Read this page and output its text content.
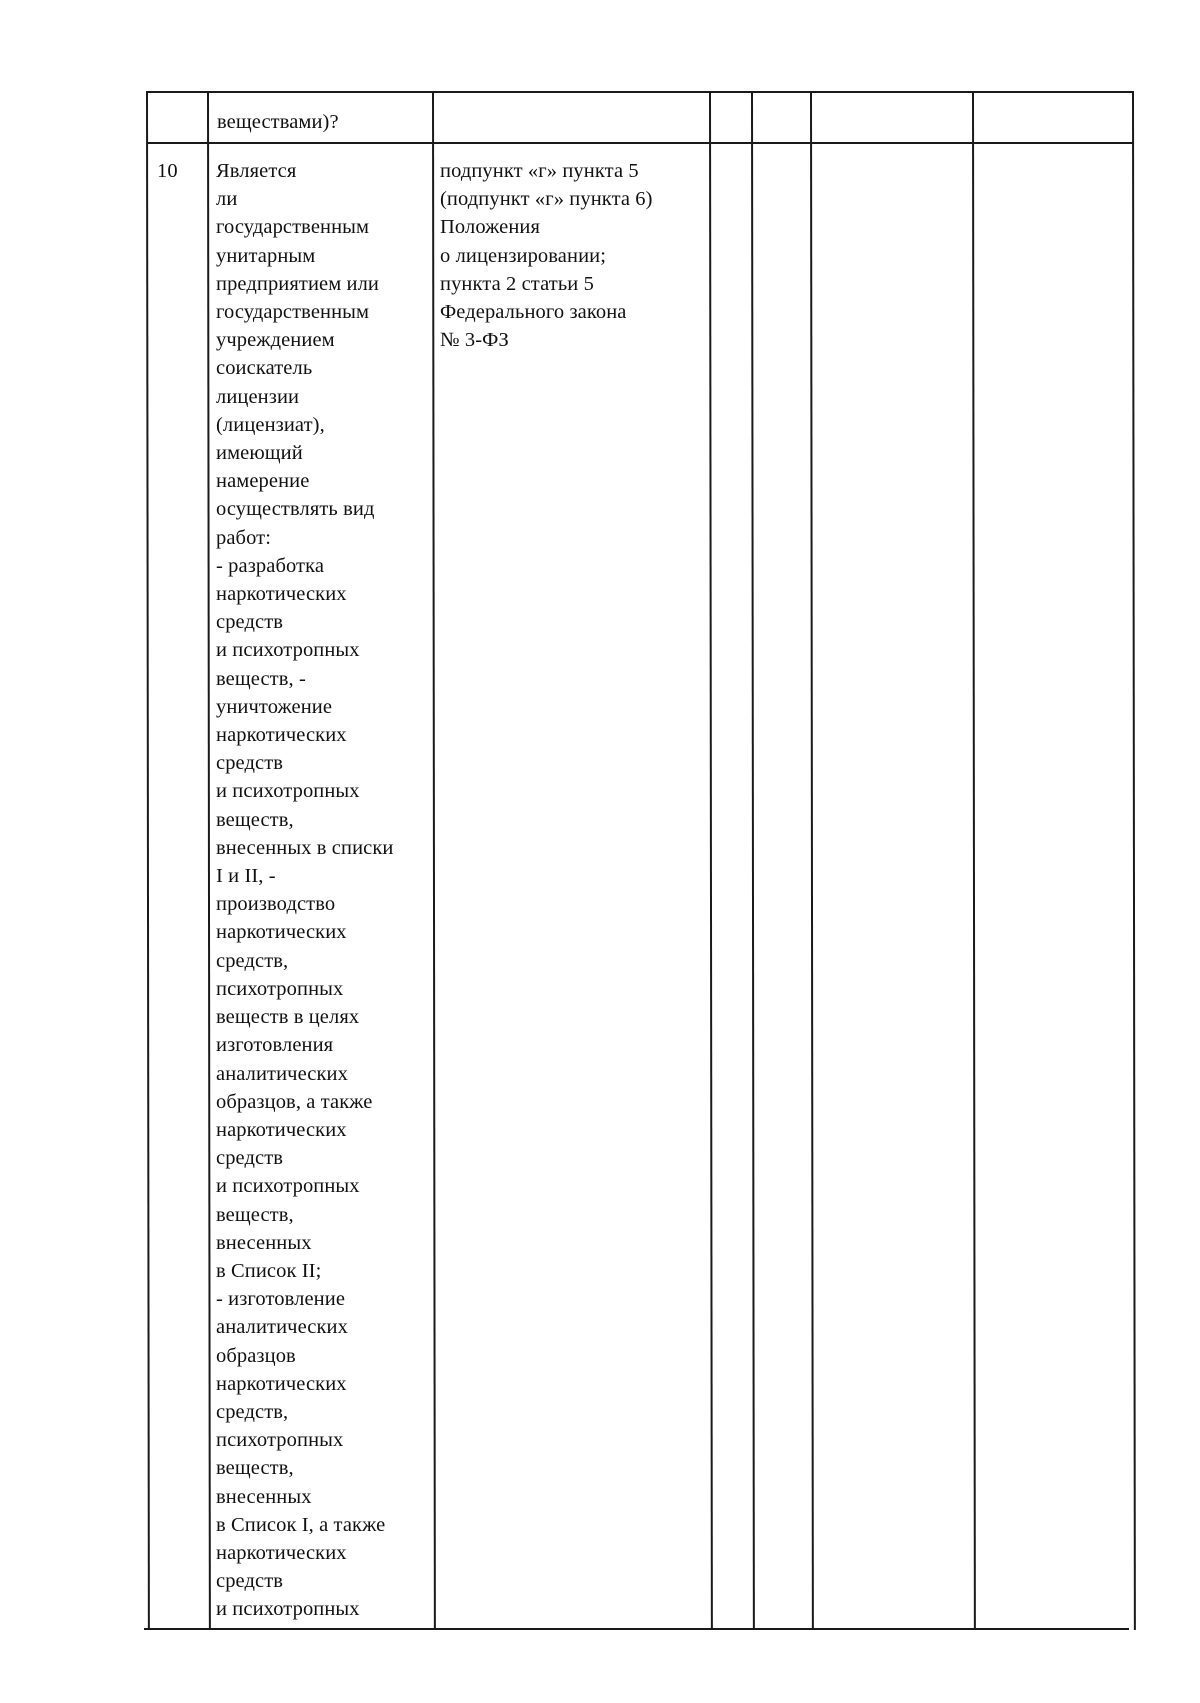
веществами)?
10 Является
ли
государственным
унитарным
предприятием или
государственным
учреждением
соискатель
лицензии
(лицензиат),
имеющий
намерение
осуществлять вид
работ:
- разработка
наркотических
средств
и психотропных
веществ, -
уничтожение
наркотических
средств
и психотропных
веществ,
внесенных в списки
I и II, -
производство
наркотических
средств,
психотропных
веществ в целях
изготовления
аналитических
образцов, а также
наркотических
средств
и психотропных
веществ,
внесенных
в Список II;
- изготовление
аналитических
образцов
наркотических
средств,
психотропных
веществ,
внесенных
в Список I, а также
наркотических
средств
и психотропных
подпункт «г» пункта 5
(подпункт «г» пункта 6)
Положения
о лицензировании;
пункта 2 статьи 5
Федерального закона
№ 3-ФЗ
